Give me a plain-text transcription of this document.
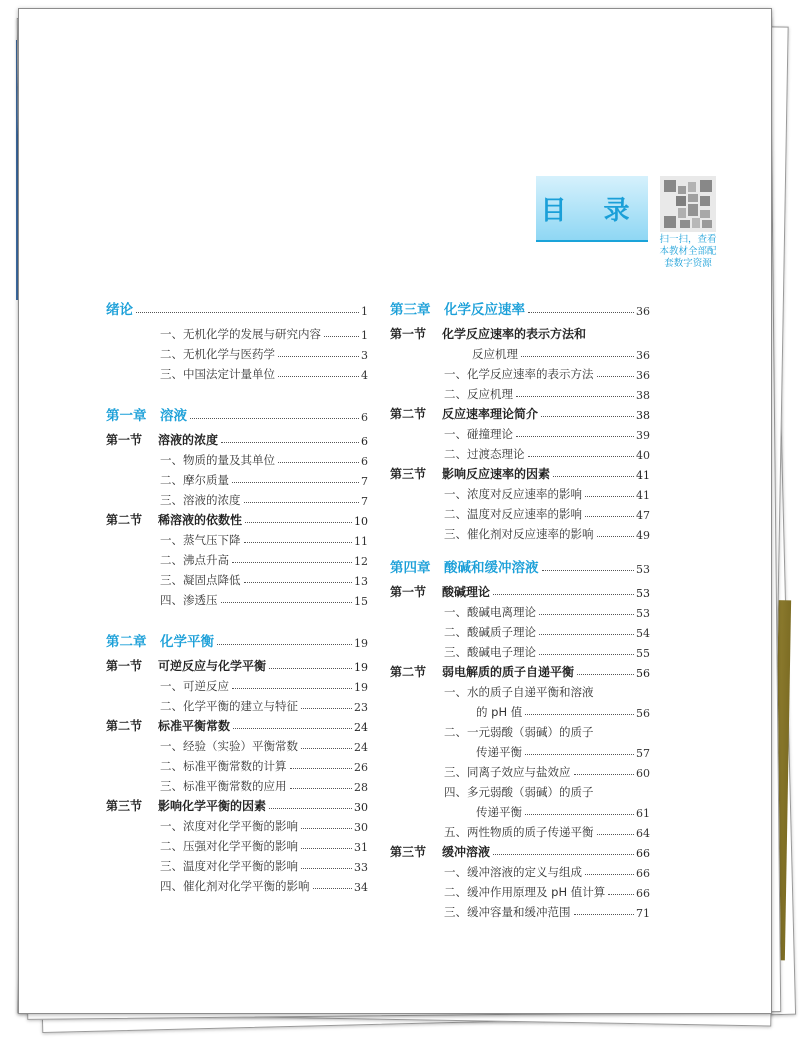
目 录
扫一扫，查看本教材全部配套数字资源
绪论	1
一、无机化学的发展与研究内容	1
二、无机化学与医药学	3
三、中国法定计量单位	4
第一章　溶液	6
第一节 溶液的浓度	6
一、物质的量及其单位	6
二、摩尔质量	7
三、溶液的浓度	7
第二节 稀溶液的依数性	10
一、蒸气压下降	11
二、沸点升高	12
三、凝固点降低	13
四、渗透压	15
第二章　化学平衡	19
第一节 可逆反应与化学平衡	19
一、可逆反应	19
二、化学平衡的建立与特征	23
第二节 标准平衡常数	24
一、经验（实验）平衡常数	24
二、标准平衡常数的计算	26
三、标准平衡常数的应用	28
第三节 影响化学平衡的因素	30
一、浓度对化学平衡的影响	30
二、压强对化学平衡的影响	31
三、温度对化学平衡的影响	33
四、催化剂对化学平衡的影响	34
第三章　化学反应速率	36
第一节 化学反应速率的表示方法和
反应机理	36
一、化学反应速率的表示方法	36
二、反应机理	38
第二节 反应速率理论简介	38
一、碰撞理论	39
二、过渡态理论	40
第三节 影响反应速率的因素	41
一、浓度对反应速率的影响	41
二、温度对反应速率的影响	47
三、催化剂对反应速率的影响	49
第四章　酸碱和缓冲溶液	53
第一节 酸碱理论	53
一、酸碱电离理论	53
二、酸碱质子理论	54
三、酸碱电子理论	55
第二节 弱电解质的质子自递平衡	56
一、水的质子自递平衡和溶液
的 pH 值	56
二、一元弱酸（弱碱）的质子
传递平衡	57
三、同离子效应与盐效应	60
四、多元弱酸（弱碱）的质子
传递平衡	61
五、两性物质的质子传递平衡	64
第三节 缓冲溶液	66
一、缓冲溶液的定义与组成	66
二、缓冲作用原理及 pH 值计算	66
三、缓冲容量和缓冲范围	71
